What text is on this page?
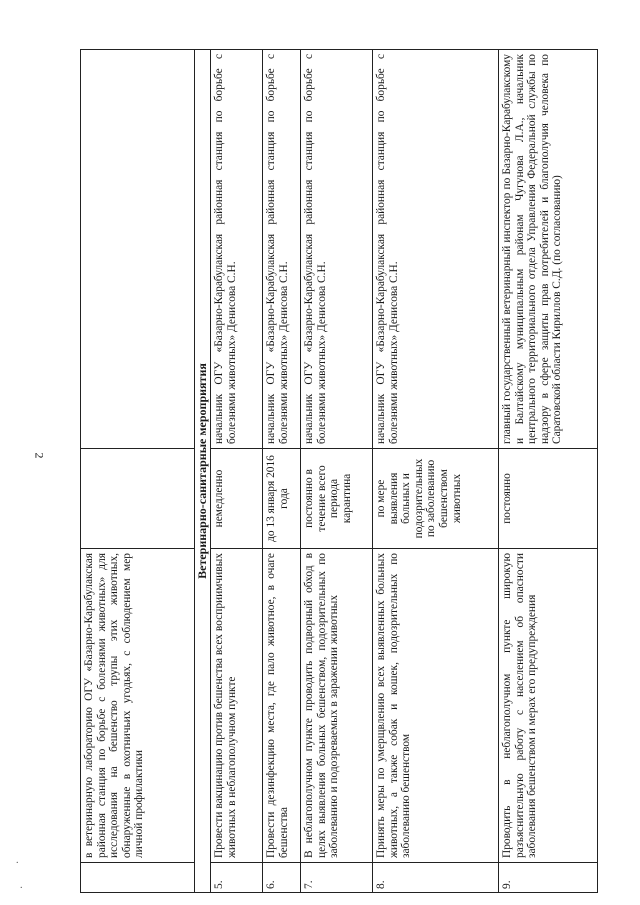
2
.
.
	в ветеринарную лабораторию ОГУ «Базарно-Карабулакская районная станция по борьбе с болезнями животных» для исследования на бешенство трупы этих животных, обнаруженные в охотничьих угодьях, с соблюдением мер личной профилактики		
Ветеринарно-санитарные мероприятия			
5.	Провести вакцинацию против бешенства всех восприимчивых животных в неблагополучном пункте	немедленно	начальник ОГУ «Базарно-Карабулакская районная станция по борьбе с болезнями животных» Денисова С.Н.
6.	Провести дезинфекцию места, где пало животное, в очаге бешенства	до 13 января 2016 года	начальник ОГУ «Базарно-Карабулакская районная станция по борьбе с болезнями животных» Денисова С.Н.
7.	В неблагополучном пункте проводить подворный обход в целях выявления больных бешенством, подозрительных по заболеванию и подозреваемых в заражении животных	постоянно в течение всего периода карантина	начальник ОГУ «Базарно-Карабулакская районная станция по борьбе с болезнями животных» Денисова С.Н.
8.	Принять меры по умерщвлению всех выявленных больных животных, а также собак и кошек, подозрительных по заболеванию бешенством	по мере выявления больных и подозрительных по заболеванию бешенством животных	начальник ОГУ «Базарно-Карабулакская районная станция по борьбе с болезнями животных» Денисова С.Н.
9.	Проводить в неблагополучном пункте широкую разъяснительную работу с населением об опасности заболевания бешенством и мерах его предупреждения	постоянно	главный государственный ветеринарный инспектор по Базарно-Карабулакскому и Балтайскому муниципальным районам Чугунова Л.А., начальник центрального территориального отдела Управления Федеральной службы по надзору в сфере защиты прав потребителей и благополучия человека по Саратовской области Кириллов С.Д. (по согласованию)
